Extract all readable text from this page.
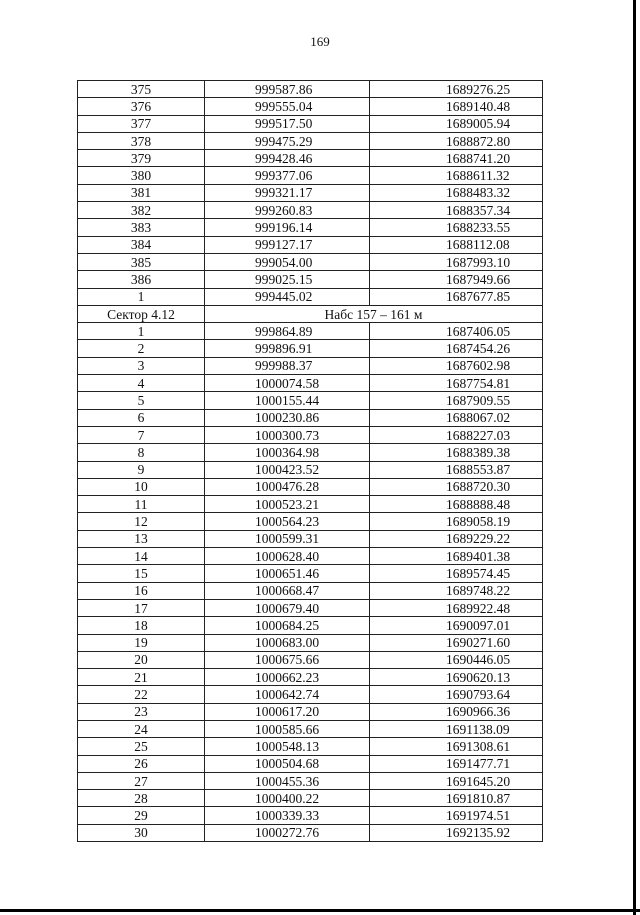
169
375	999587.86	1689276.25
376	999555.04	1689140.48
377	999517.50	1689005.94
378	999475.29	1688872.80
379	999428.46	1688741.20
380	999377.06	1688611.32
381	999321.17	1688483.32
382	999260.83	1688357.34
383	999196.14	1688233.55
384	999127.17	1688112.08
385	999054.00	1687993.10
386	999025.15	1687949.66
1	999445.02	1687677.85
Сектор 4.12	Набс 157 – 161 м	
1	999864.89	1687406.05
2	999896.91	1687454.26
3	999988.37	1687602.98
4	1000074.58	1687754.81
5	1000155.44	1687909.55
6	1000230.86	1688067.02
7	1000300.73	1688227.03
8	1000364.98	1688389.38
9	1000423.52	1688553.87
10	1000476.28	1688720.30
11	1000523.21	1688888.48
12	1000564.23	1689058.19
13	1000599.31	1689229.22
14	1000628.40	1689401.38
15	1000651.46	1689574.45
16	1000668.47	1689748.22
17	1000679.40	1689922.48
18	1000684.25	1690097.01
19	1000683.00	1690271.60
20	1000675.66	1690446.05
21	1000662.23	1690620.13
22	1000642.74	1690793.64
23	1000617.20	1690966.36
24	1000585.66	1691138.09
25	1000548.13	1691308.61
26	1000504.68	1691477.71
27	1000455.36	1691645.20
28	1000400.22	1691810.87
29	1000339.33	1691974.51
30	1000272.76	1692135.92
